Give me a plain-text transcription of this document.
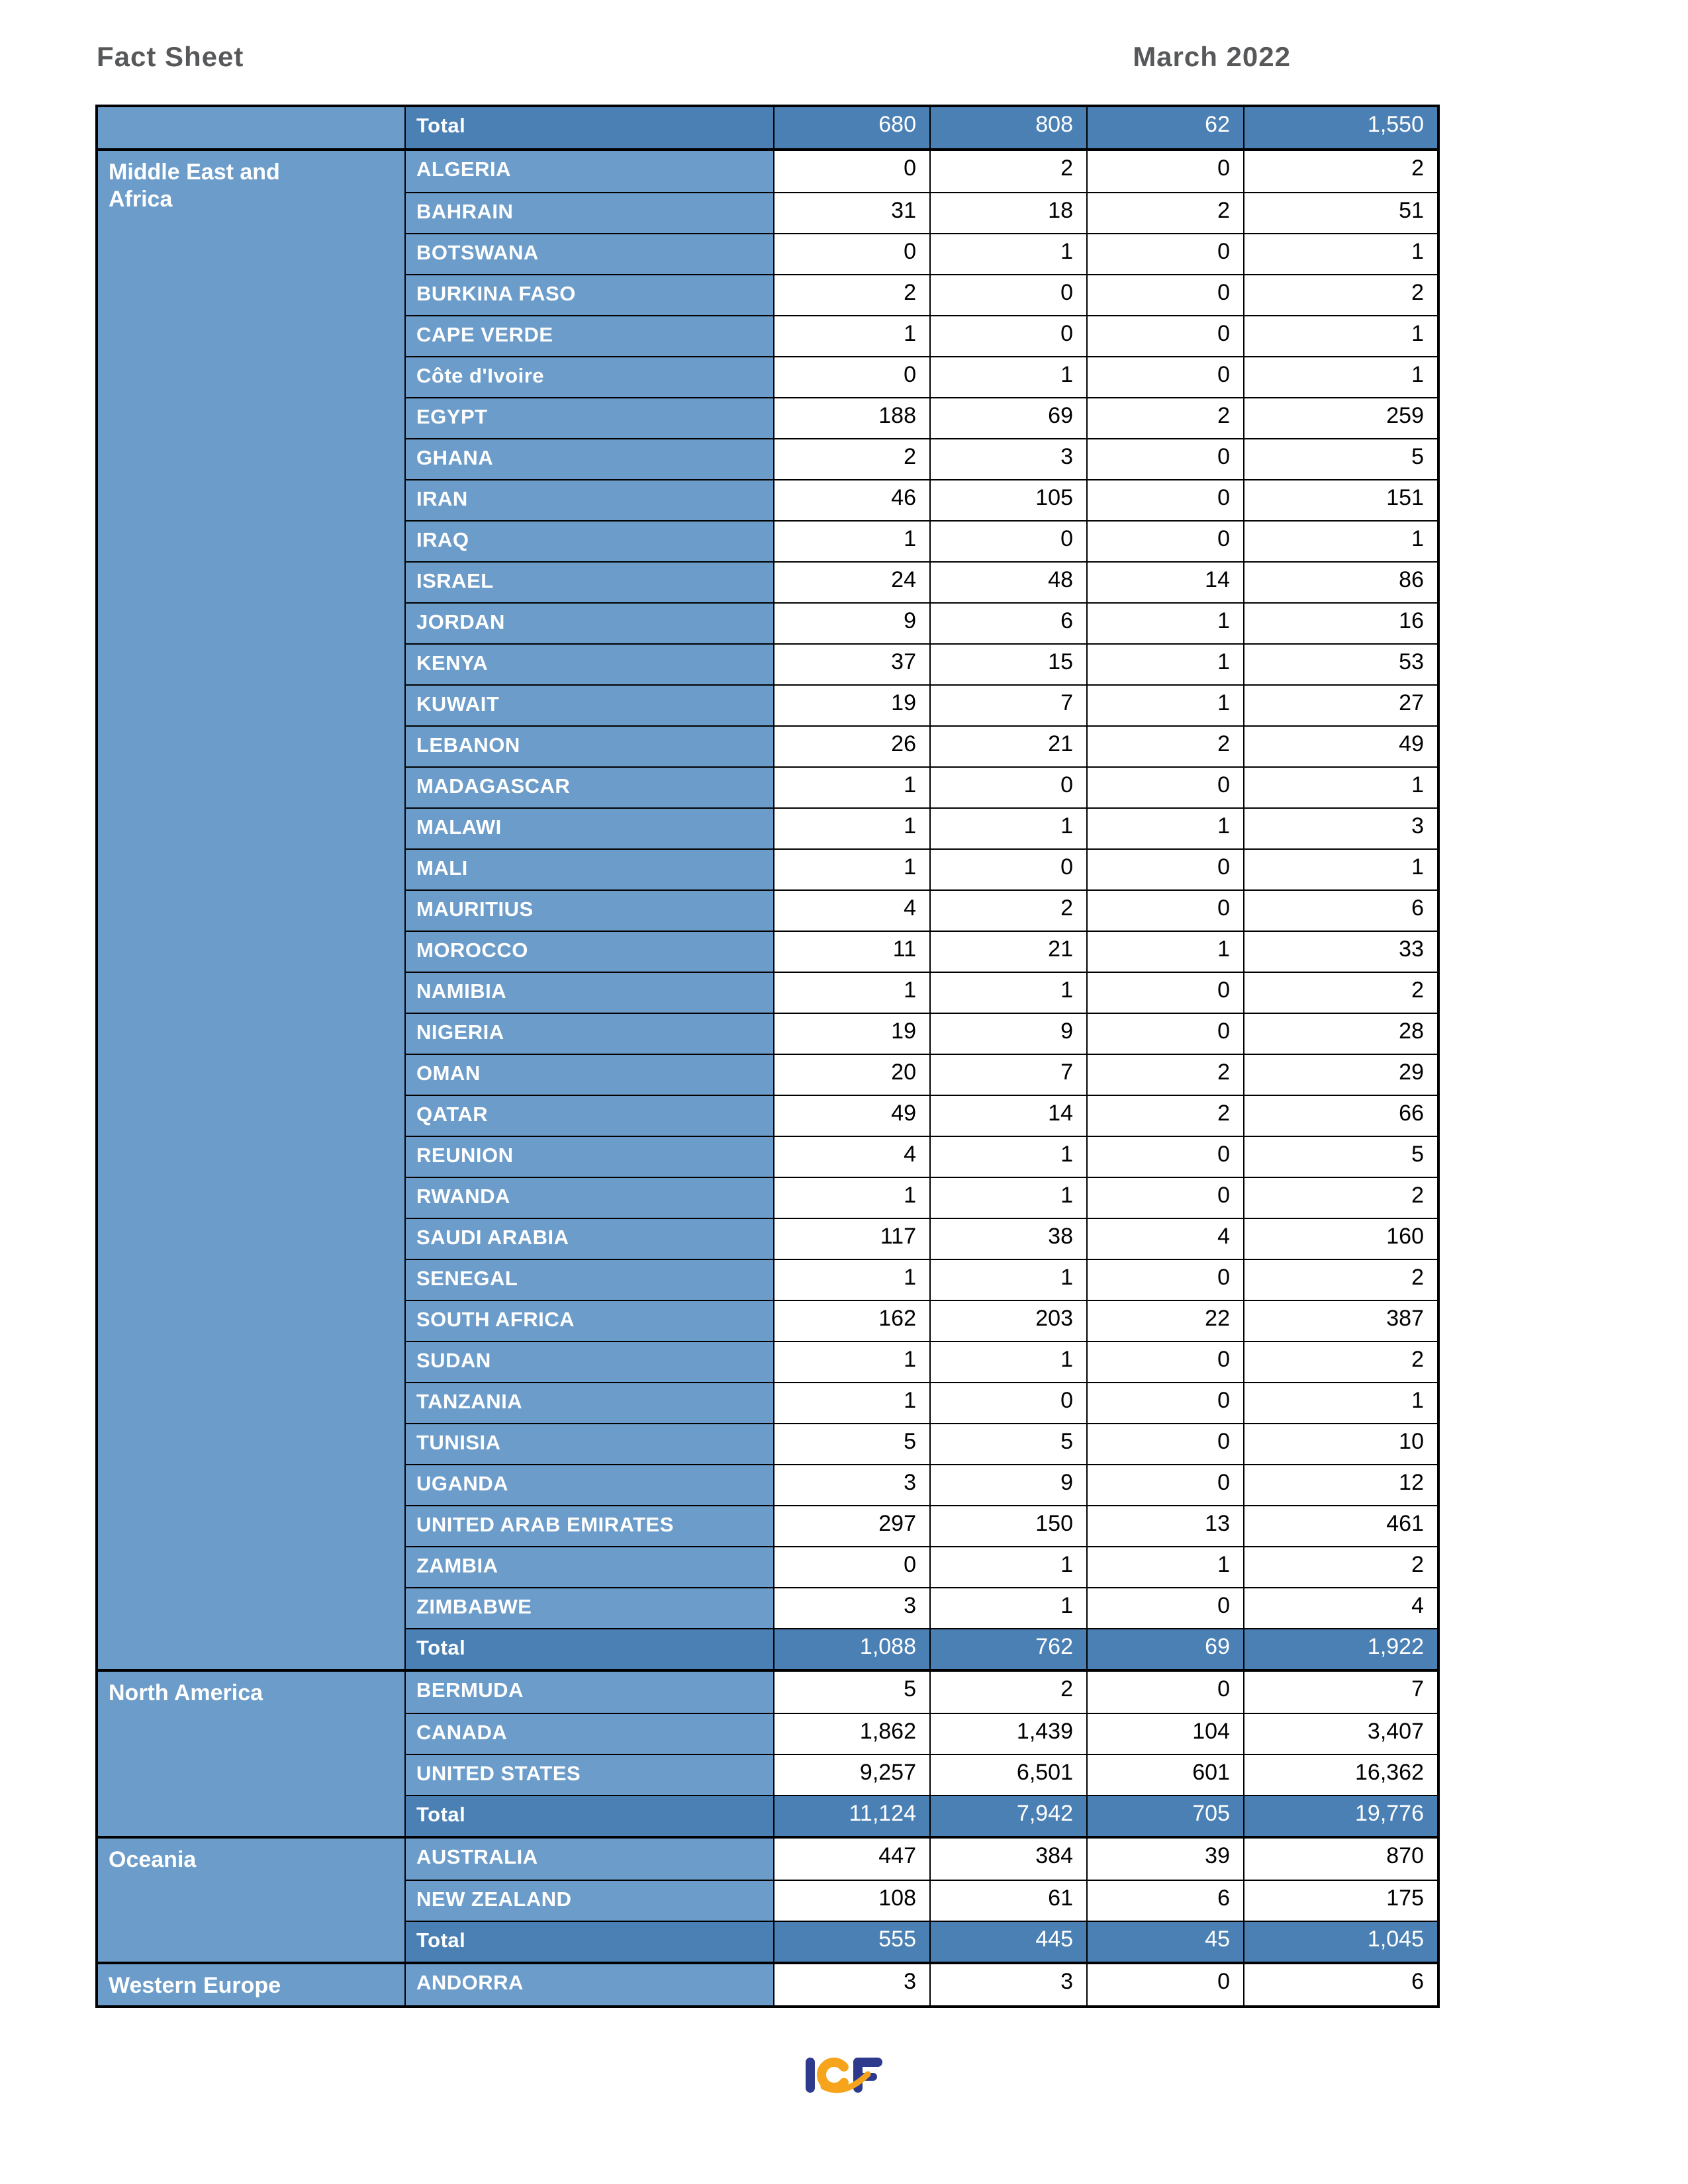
Fact Sheet	March 2022
Total	680	808	62	1,550
Middle East and Africa
ALGERIA	0	2	0	2
BAHRAIN	31	18	2	51
BOTSWANA	0	1	0	1
BURKINA FASO	2	0	0	2
CAPE VERDE	1	0	0	1
Côte d'Ivoire	0	1	0	1
EGYPT	188	69	2	259
GHANA	2	3	0	5
IRAN	46	105	0	151
IRAQ	1	0	0	1
ISRAEL	24	48	14	86
JORDAN	9	6	1	16
KENYA	37	15	1	53
KUWAIT	19	7	1	27
LEBANON	26	21	2	49
MADAGASCAR	1	0	0	1
MALAWI	1	1	1	3
MALI	1	0	0	1
MAURITIUS	4	2	0	6
MOROCCO	11	21	1	33
NAMIBIA	1	1	0	2
NIGERIA	19	9	0	28
OMAN	20	7	2	29
QATAR	49	14	2	66
REUNION	4	1	0	5
RWANDA	1	1	0	2
SAUDI ARABIA	117	38	4	160
SENEGAL	1	1	0	2
SOUTH AFRICA	162	203	22	387
SUDAN	1	1	0	2
TANZANIA	1	0	0	1
TUNISIA	5	5	0	10
UGANDA	3	9	0	12
UNITED ARAB EMIRATES	297	150	13	461
ZAMBIA	0	1	1	2
ZIMBABWE	3	1	0	4
Total	1,088	762	69	1,922
North America	BERMUDA	5	2	0	7
CANADA	1,862	1,439	104	3,407
UNITED STATES	9,257	6,501	601	16,362
Total	11,124	7,942	705	19,776
Oceania	AUSTRALIA	447	384	39	870
NEW ZEALAND	108	61	6	175
Total	555	445	45	1,045
Western Europe	ANDORRA	3	3	0	6
